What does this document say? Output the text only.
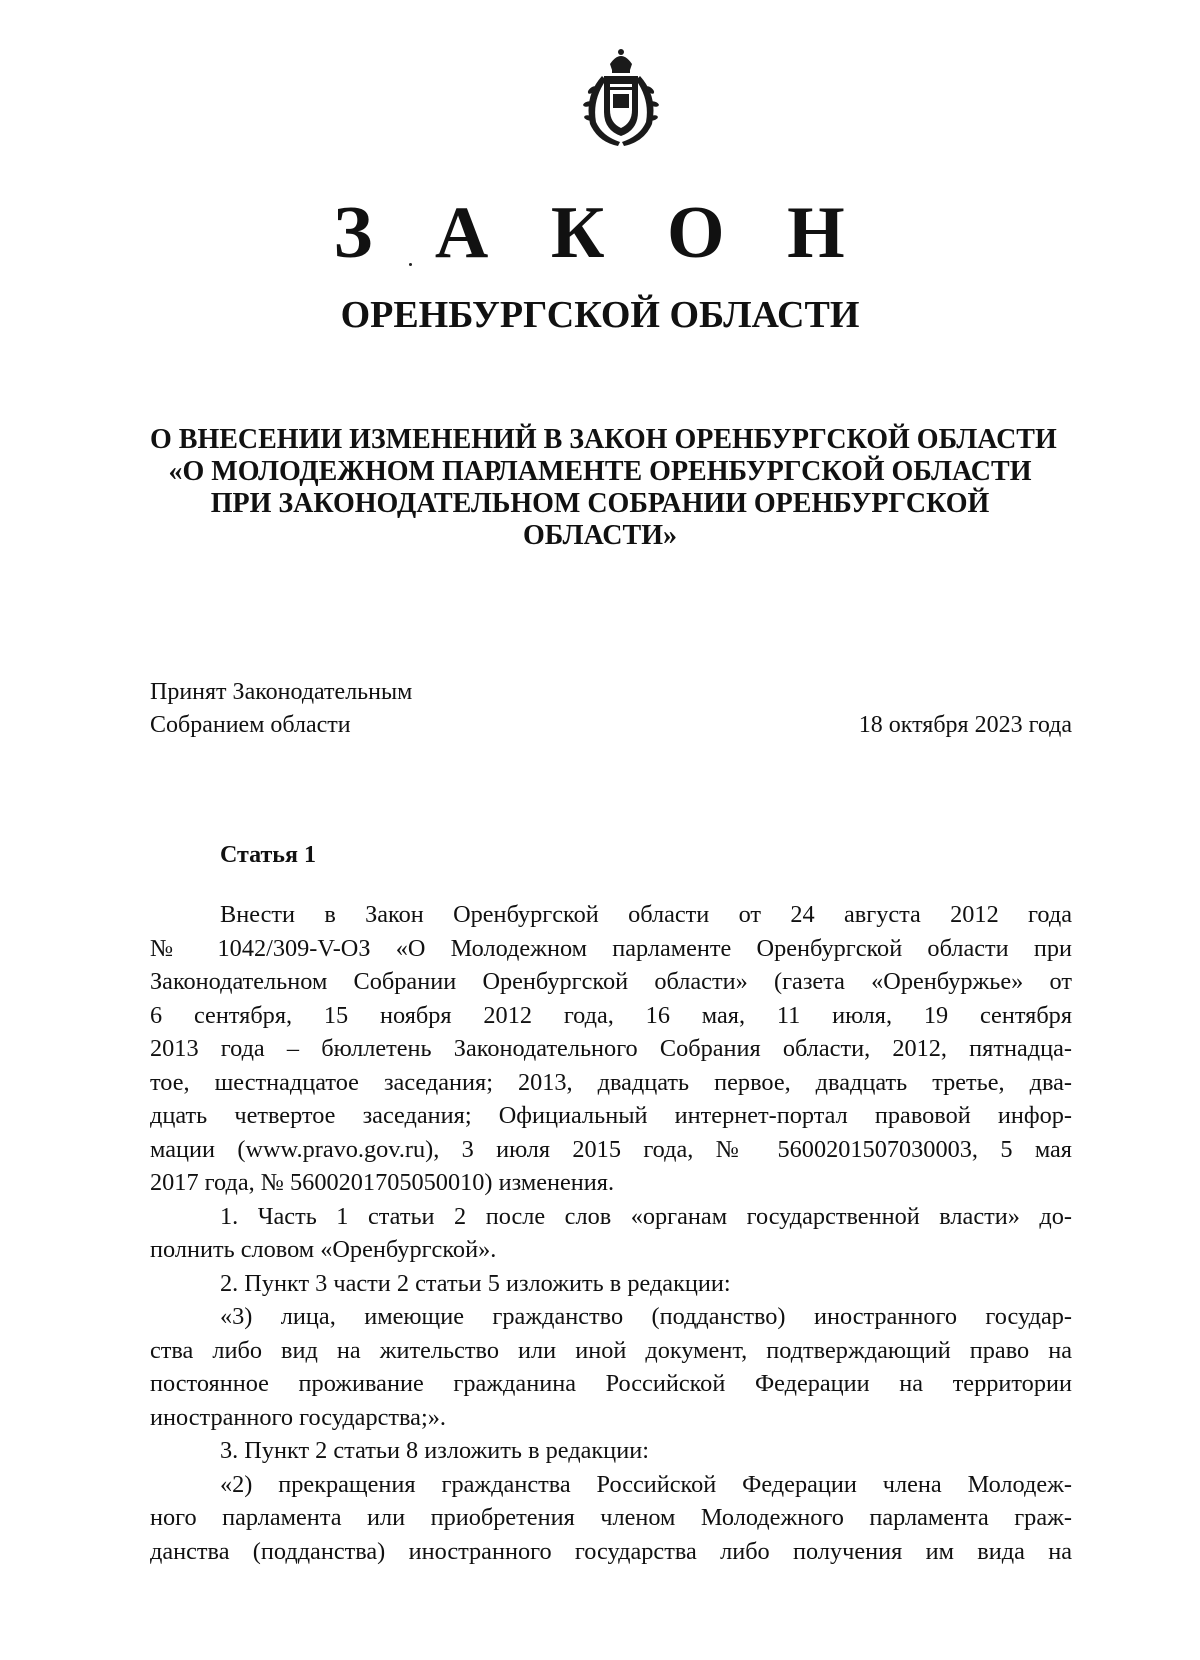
З А К О Н
ОРЕНБУРГСКОЙ ОБЛАСТИ
О ВНЕСЕНИИ ИЗМЕНЕНИЙ В ЗАКОН ОРЕНБУРГСКОЙ ОБЛАСТИ
«О МОЛОДЕЖНОМ ПАРЛАМЕНТЕ ОРЕНБУРГСКОЙ ОБЛАСТИ
ПРИ ЗАКОНОДАТЕЛЬНОМ СОБРАНИИ ОРЕНБУРГСКОЙ
ОБЛАСТИ»
Принят Законодательным
Собранием области	18 октября 2023 года
Статья 1
Внести в Закон Оренбургской области от 24 августа 2012 года
№ 1042/309-V-ОЗ «О Молодежном парламенте Оренбургской области при
Законодательном Собрании Оренбургской области» (газета «Оренбуржье» от
6 сентября, 15 ноября 2012 года, 16 мая, 11 июля, 19 сентября
2013 года – бюллетень Законодательного Собрания области, 2012, пятнадца-
тое, шестнадцатое заседания; 2013, двадцать первое, двадцать третье, два-
дцать четвертое заседания; Официальный интернет-портал правовой инфор-
мации (www.pravo.gov.ru), 3 июля 2015 года, № 5600201507030003, 5 мая
2017 года, № 5600201705050010) изменения.
1. Часть 1 статьи 2 после слов «органам государственной власти» до-
полнить словом «Оренбургской».
2. Пункт 3 части 2 статьи 5 изложить в редакции:
«3) лица, имеющие гражданство (подданство) иностранного государ-
ства либо вид на жительство или иной документ, подтверждающий право на
постоянное проживание гражданина Российской Федерации на территории
иностранного государства;».
3. Пункт 2 статьи 8 изложить в редакции:
«2) прекращения гражданства Российской Федерации члена Молодеж-
ного парламента или приобретения членом Молодежного парламента граж-
данства (подданства) иностранного государства либо получения им вида на
